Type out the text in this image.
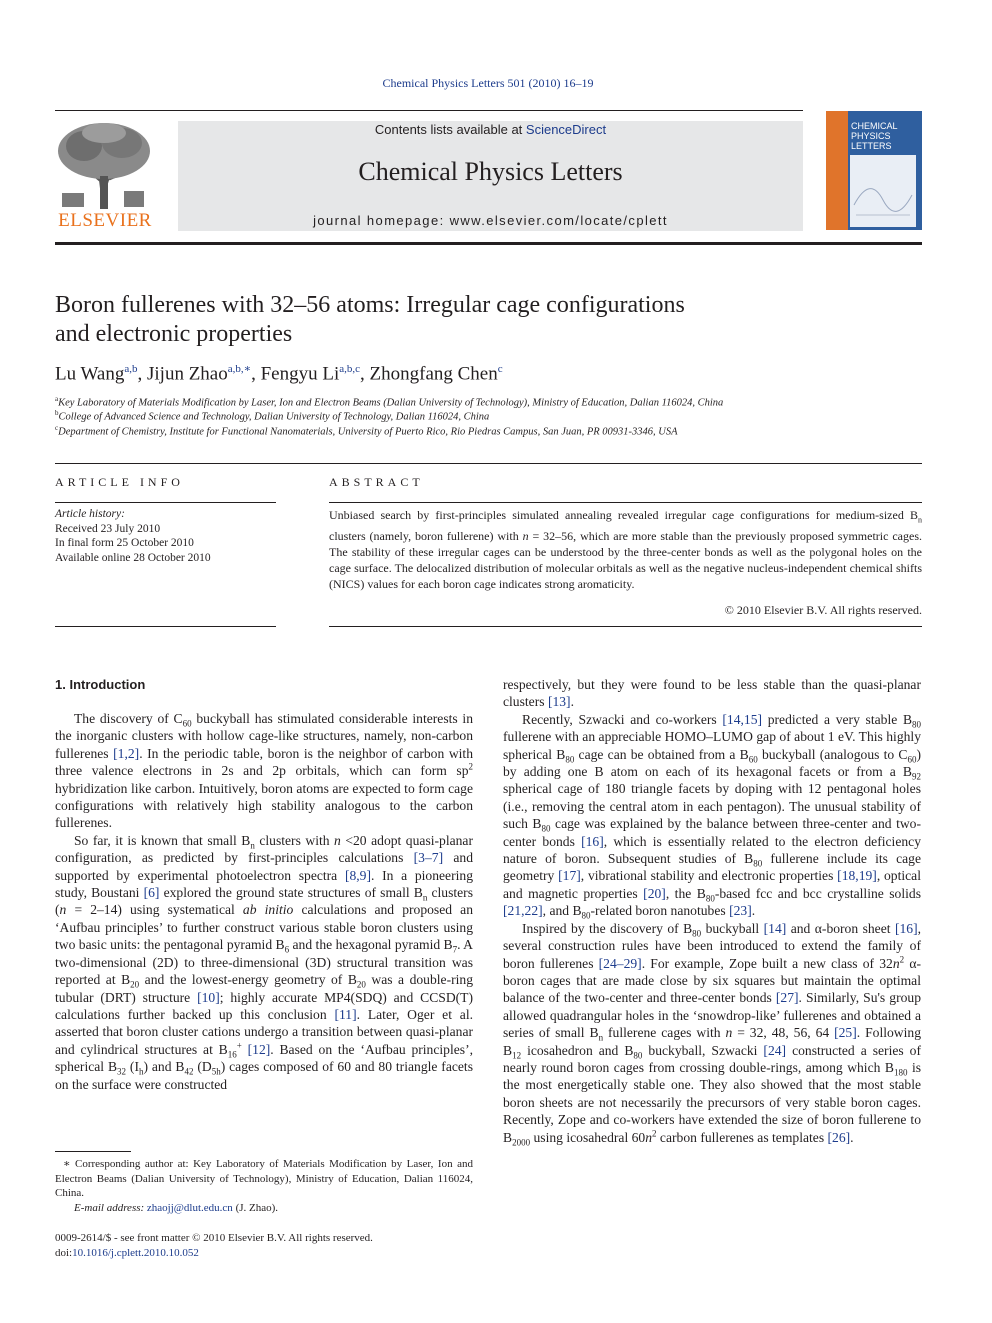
Chemical Physics Letters 501 (2010) 16–19
ELSEVIER
Contents lists available at ScienceDirect
Chemical Physics Letters
journal homepage: www.elsevier.com/locate/cplett
CHEMICAL
PHYSICS
LETTERS
Boron fullerenes with 32–56 atoms: Irregular cage configurations
and electronic properties
Lu Wang$^{a,b}$, Jijun Zhao$^{a,b,∗}$, Fengyu Li$^{a,b,c}$, Zhongfang Chen$^c$
$^a$Key Laboratory of Materials Modification by Laser, Ion and Electron Beams (Dalian University of Technology), Ministry of Education, Dalian 116024, China
$^b$College of Advanced Science and Technology, Dalian University of Technology, Dalian 116024, China
$^c$Department of Chemistry, Institute for Functional Nanomaterials, University of Puerto Rico, Rio Piedras Campus, San Juan, PR 00931-3346, USA
ARTICLE INFO	ABSTRACT
Article history:
Received 23 July 2010
In final form 25 October 2010
Available online 28 October 2010
Unbiased search by first-principles simulated annealing revealed irregular cage configurations for medium-sized $B_n$ clusters (namely, boron fullerene) with n = 32–56, which are more stable than the previously proposed symmetric cages. The stability of these irregular cages can be understood by the three-center bonds as well as the polygonal holes on the cage surface. The delocalized distribution of molecular orbitals as well as the negative nucleus-independent chemical shifts (NICS) values for each boron cage indicates strong aromaticity.
© 2010 Elsevier B.V. All rights reserved.
1. Introduction

The discovery of $C_{60}$ buckyball has stimulated considerable interests in the inorganic clusters with hollow cage-like structures, namely, non-carbon fullerenes [1,2]. In the periodic table, boron is the neighbor of carbon with three valence electrons in 2s and 2p orbitals, which can form $sp^2$ hybridization like carbon. Intuitively, boron atoms are expected to form cage configurations with relatively high stability analogous to the carbon fullerenes.

So far, it is known that small $B_n$ clusters with n <20 adopt quasi-planar configuration, as predicted by first-principles calculations [3–7] and supported by experimental photoelectron spectra [8,9]. In a pioneering study, Boustani [6] explored the ground state structures of small $B_n$ clusters (n = 2–14) using systematical ab initio calculations and proposed an ‘Aufbau principles’ to further construct various stable boron clusters using two basic units: the pentagonal pyramid $B_6$ and the hexagonal pyramid $B_7$. A two-dimensional (2D) to three-dimensional (3D) structural transition was reported at $B_{20}$ and the lowest-energy geometry of $B_{20}$ was a double-ring tubular (DRT) structure [10]; highly accurate MP4(SDQ) and CCSD(T) calculations further backed up this conclusion [11]. Later, Oger et al. asserted that boron cluster cations undergo a transition between quasi-planar and cylindrical structures at $B_{16}^+$ [12]. Based on the ‘Aufbau principles’, spherical $B_{32}$ $(I_h)$ and $B_{42}$ $(D_{5h})$ cages composed of 60 and 80 triangle facets on the surface were constructed

respectively, but they were found to be less stable than the quasi-planar clusters [13].

Recently, Szwacki and co-workers [14,15] predicted a very stable $B_{80}$ fullerene with an appreciable HOMO–LUMO gap of about 1 eV. This highly spherical $B_{80}$ cage can be obtained from a $B_{60}$ buckyball (analogous to $C_{60}$) by adding one B atom on each of its hexagonal facets or from a $B_{92}$ spherical cage of 180 triangle facets by doping with 12 pentagonal holes (i.e., removing the central atom in each pentagon). The unusual stability of such $B_{80}$ cage was explained by the balance between three-center and two-center bonds [16], which is essentially related to the electron deficiency nature of boron. Subsequent studies of $B_{80}$ fullerene include its cage geometry [17], vibrational stability and electronic properties [18,19], optical and magnetic properties [20], the $B_{80}$-based fcc and bcc crystalline solids [21,22], and $B_{80}$-related boron nanotubes [23].

Inspired by the discovery of $B_{80}$ buckyball [14] and α-boron sheet [16], several construction rules have been introduced to extend the family of boron fullerenes [24–29]. For example, Zope built a new class of $32n^2$ α-boron cages that are made close by six squares but maintain the optimal balance of the two-center and three-center bonds [27]. Similarly, Su's group allowed quadrangular holes in the ‘snowdrop-like’ fullerenes and obtained a series of small $B_n$ fullerene cages with n = 32, 48, 56, 64 [25]. Following $B_{12}$ icosahedron and $B_{80}$ buckyball, Szwacki [24] constructed a series of nearly round boron cages from crossing double-rings, among which $B_{180}$ is the most energetically stable one. They also showed that the most stable boron sheets are not necessarily the precursors of very stable boron cages. Recently, Zope and co-workers have extended the size of boron fullerene to $B_{2000}$ using icosahedral $60n^2$ carbon fullerenes as templates [26].

∗ Corresponding author at: Key Laboratory of Materials Modification by Laser, Ion and Electron Beams (Dalian University of Technology), Ministry of Education, Dalian 116024, China.
E-mail address: zhaojj@dlut.edu.cn (J. Zhao).
0009-2614/$ - see front matter © 2010 Elsevier B.V. All rights reserved.
doi:10.1016/j.cplett.2010.10.052
